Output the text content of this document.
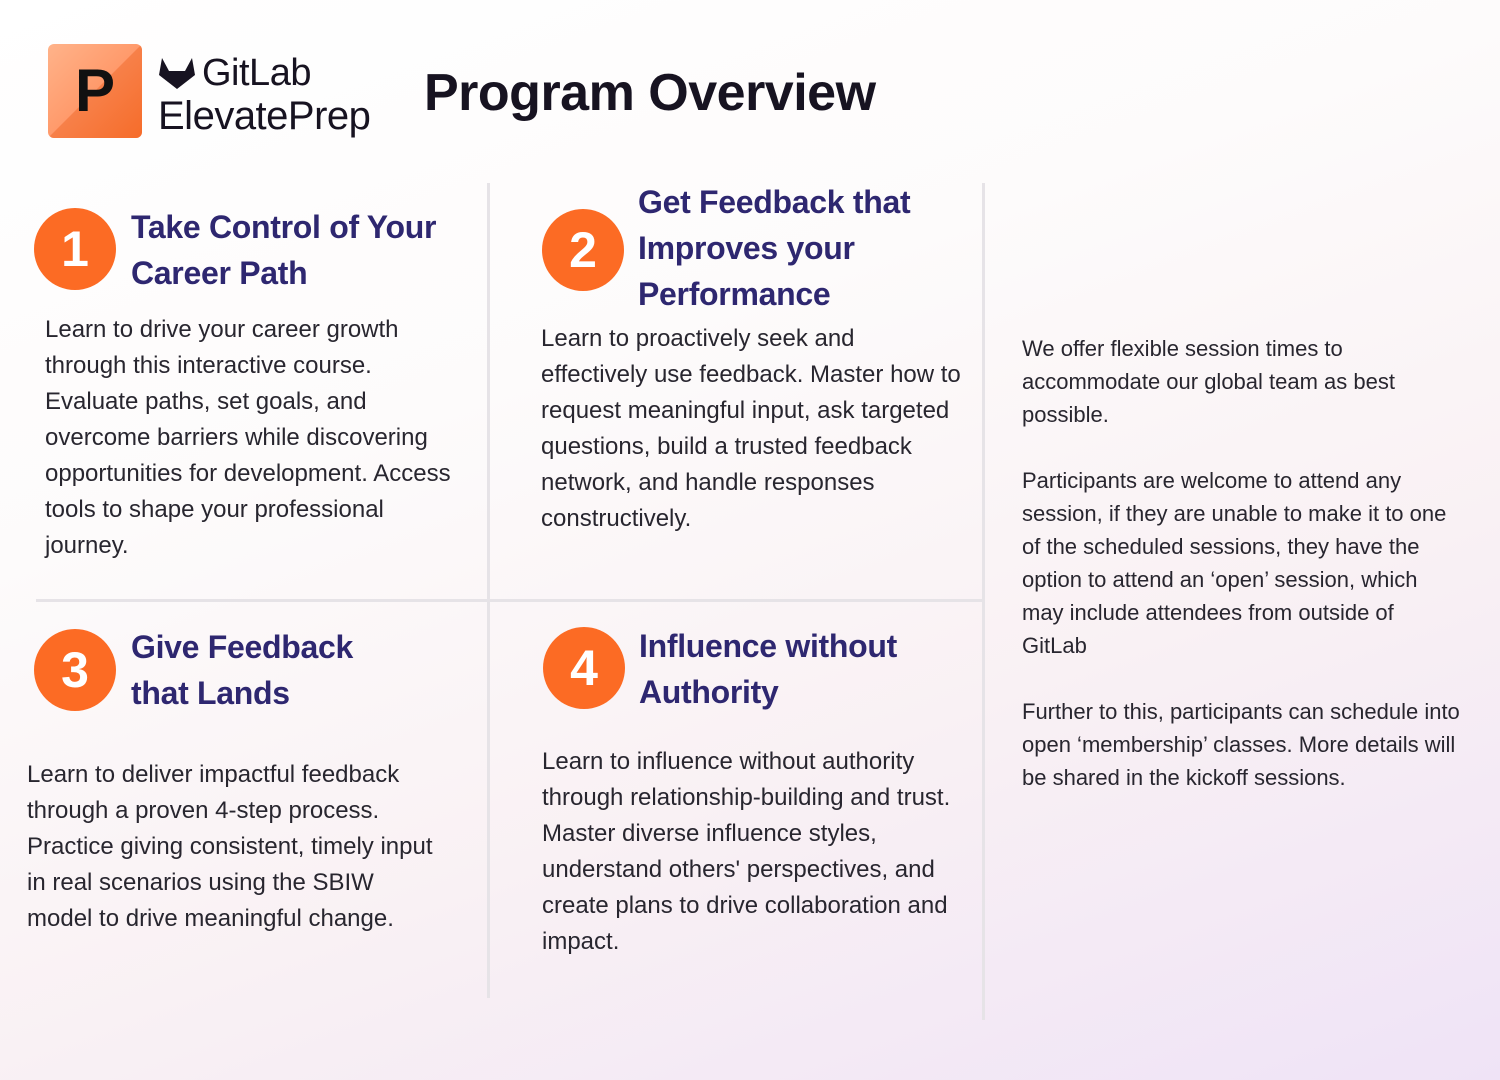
P	GitLab
ElevatePrep Program Overview
1	Take Control of Your Career Path
Learn to drive your career growth through this interactive course. Evaluate paths, set goals, and overcome barriers while discovering opportunities for development. Access tools to shape your professional journey.
2
Get Feedback that Improves your Performance
Learn to proactively seek and effectively use feedback. Master how to request meaningful input, ask targeted questions, build a trusted feedback network, and handle responses constructively.
3	Give Feedback that Lands
Learn to deliver impactful feedback through a proven 4-step process. Practice giving consistent, timely input in real scenarios using the SBIW model to drive meaningful change.
4	Influence without Authority
Learn to influence without authority through relationship-building and trust. Master diverse influence styles, understand others' perspectives, and create plans to drive collaboration and impact.

We offer flexible session times to accommodate our global team as best possible.

Participants are welcome to attend any session, if they are unable to make it to one of the scheduled sessions, they have the option to attend an ‘open’ session, which may include attendees from outside of GitLab

Further to this, participants can schedule into open ‘membership’ classes. More details will be shared in the kickoff sessions.
